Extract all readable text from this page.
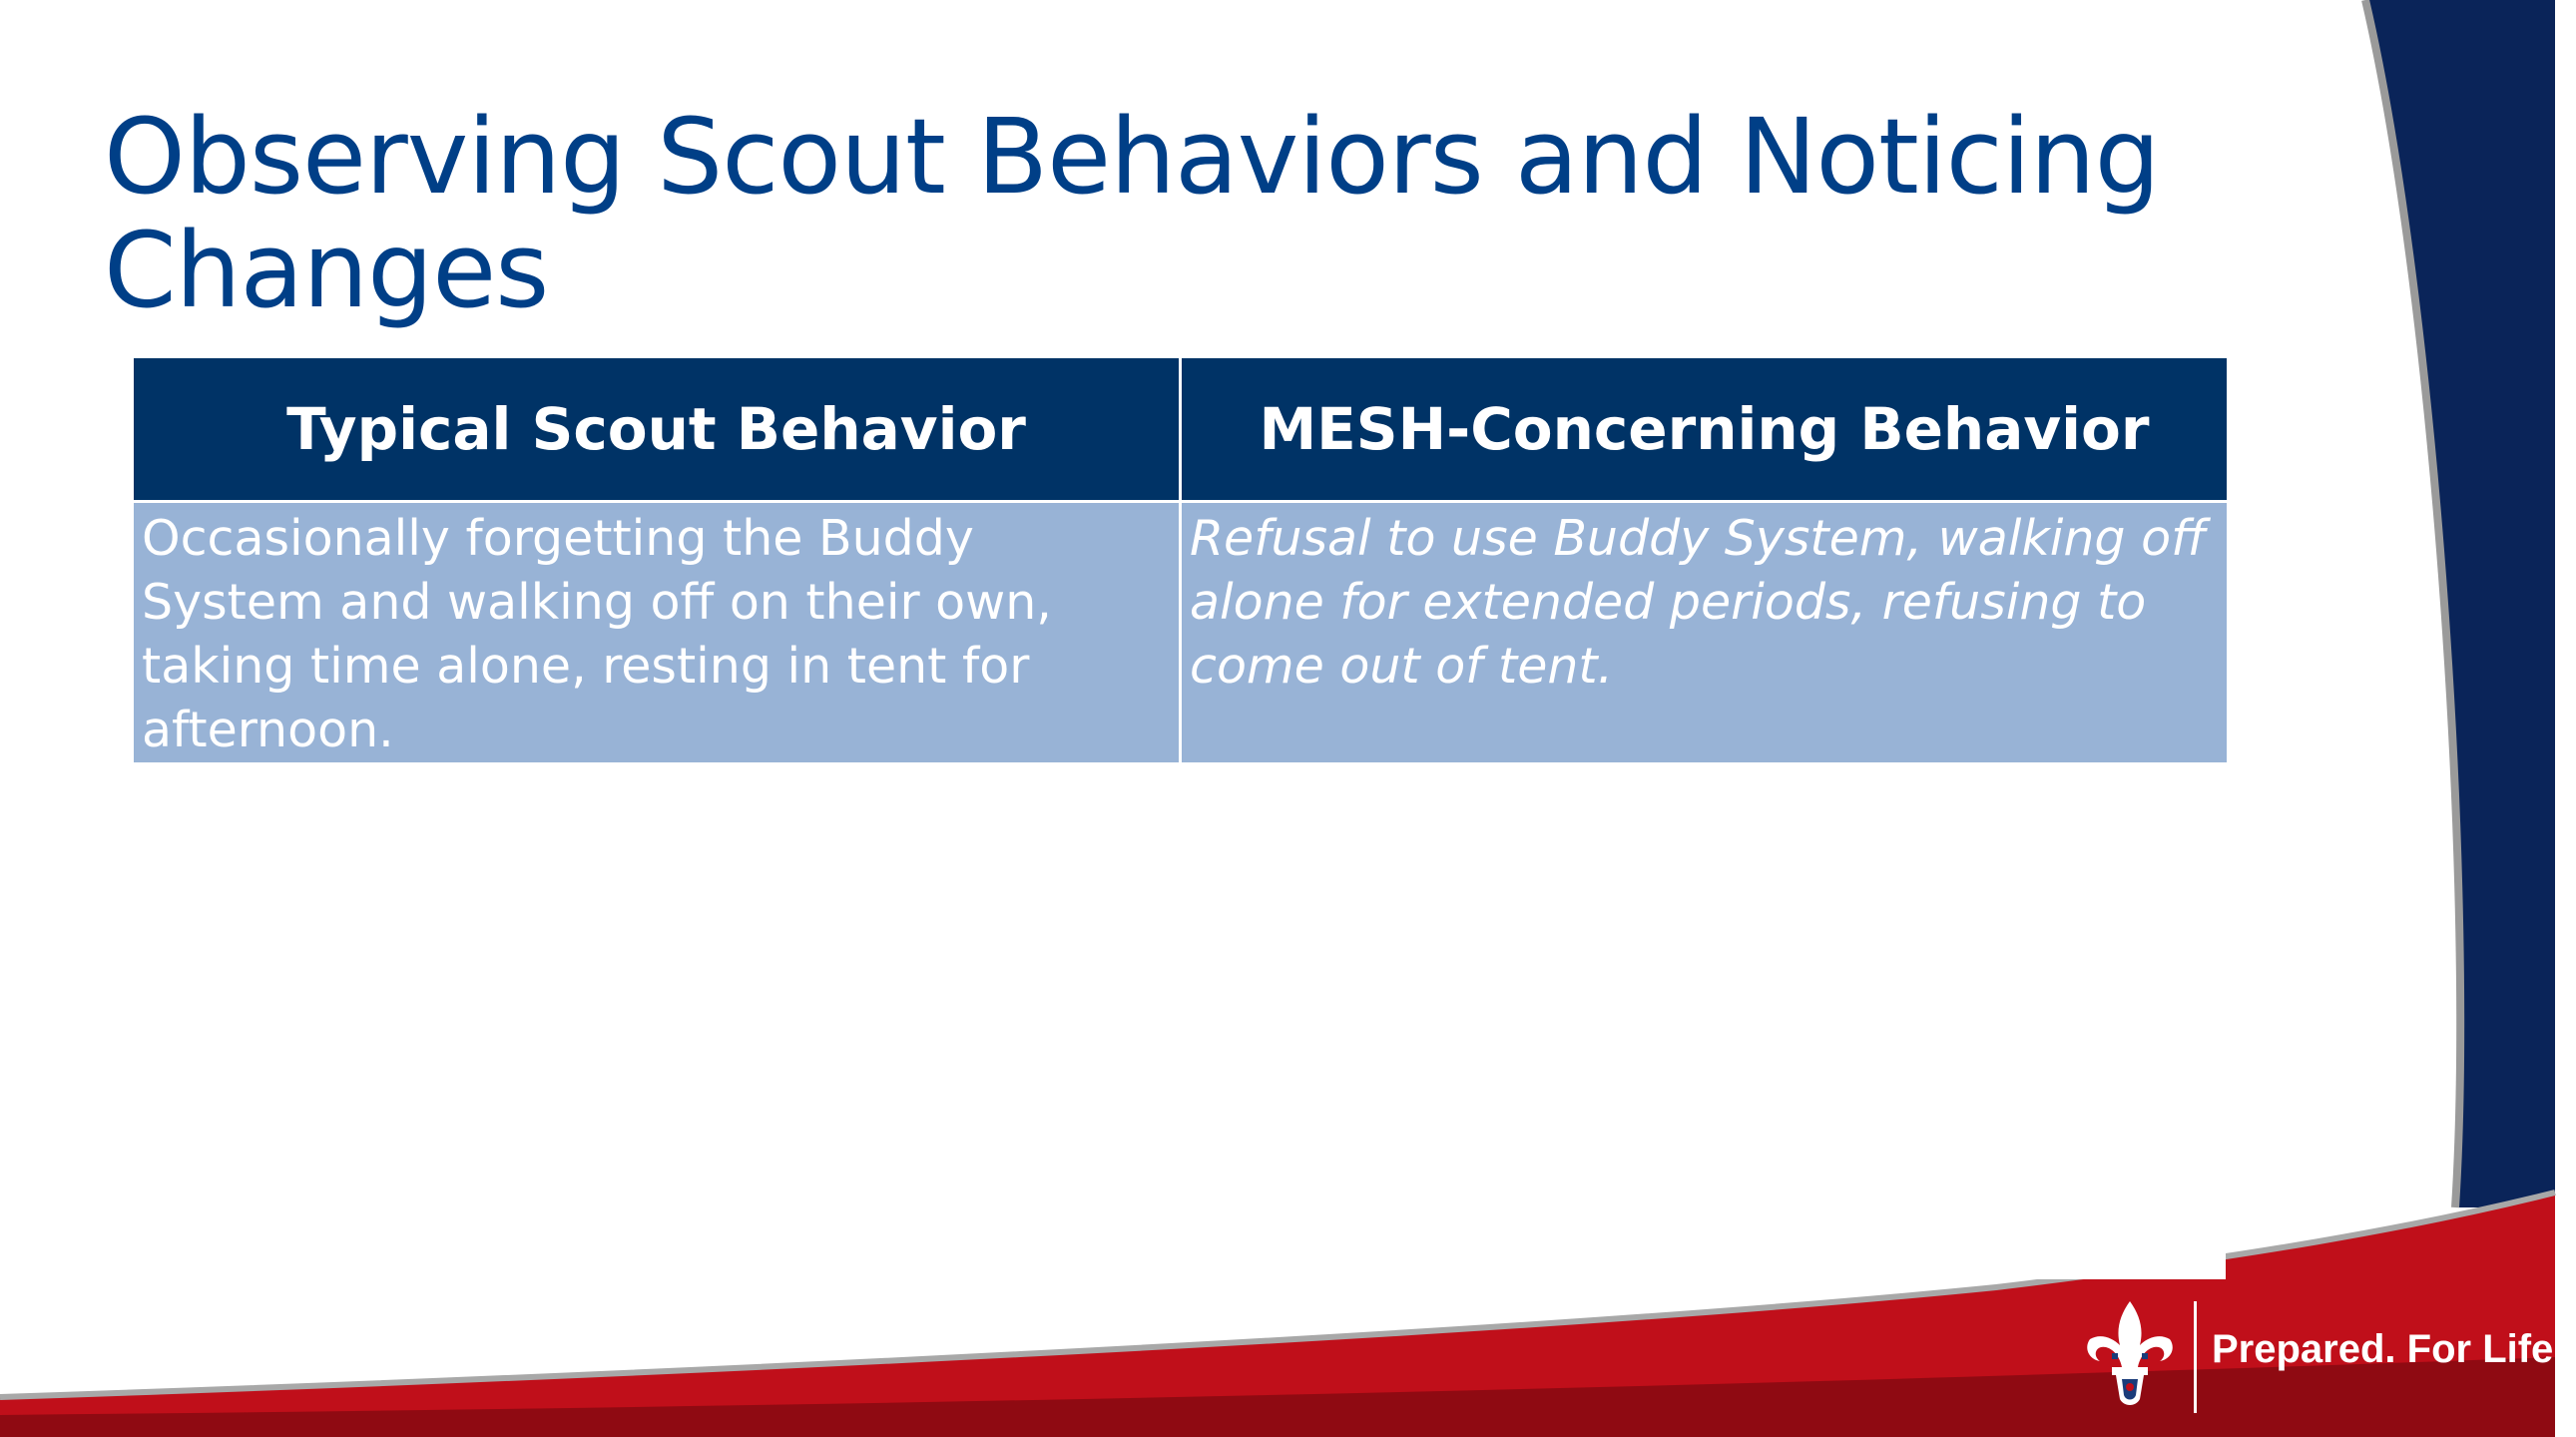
Observing Scout Behaviors and Noticing Changes
Typical Scout Behavior	MESH-Concerning Behavior
Occasionally forgetting the Buddy System and walking off on their own, taking time alone, resting in tent for afternoon.	Refusal to use Buddy System, walking off alone for extended periods, refusing to come out of tent.
Prepared. For Life.®
